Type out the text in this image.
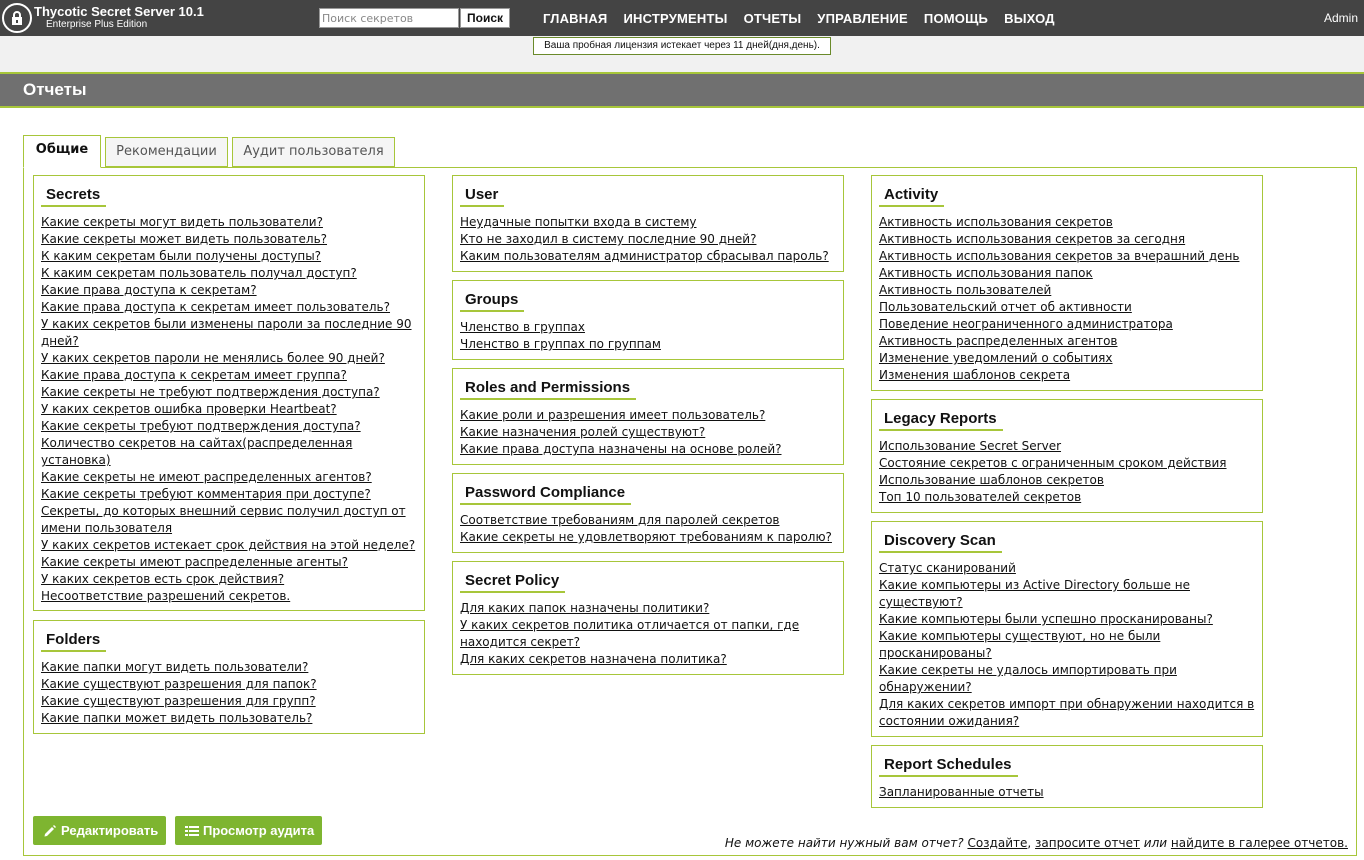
Thycotic Secret Server 10.1
Enterprise Plus Edition
Поиск секретов	Поиск	ГЛАВНАЯ ИНСТРУМЕНТЫ ОТЧЕТЫ УПРАВЛЕНИЕ ПОМОЩЬ ВЫХОД	Admin
Ваша пробная лицензия истекает через 11 дней(дня,день).
Отчеты
Общие	Рекомендации	Аудит пользователя
Secrets
Какие секреты могут видеть пользователи?
Какие секреты может видеть пользователь?
К каким секретам были получены доступы?
К каким секретам пользователь получал доступ?
Какие права доступа к секретам?
Какие права доступа к секретам имеет пользователь?
У каких секретов были изменены пароли за последние 90 дней?
У каких секретов пароли не менялись более 90 дней?
Какие права доступа к секретам имеет группа?
Какие секреты не требуют подтверждения доступа?
У каких секретов ошибка проверки Heartbeat?
Какие секреты требуют подтверждения доступа?
Количество секретов на сайтах(распределенная установка)
Какие секреты не имеют распределенных агентов?
Какие секреты требуют комментария при доступе?
Секреты, до которых внешний сервис получил доступ от имени пользователя
У каких секретов истекает срок действия на этой неделе?
Какие секреты имеют распределенные агенты?
У каких секретов есть срок действия?
Несоответствие разрешений секретов.
Folders
Какие папки могут видеть пользователи?
Какие существуют разрешения для папок?
Какие существуют разрешения для групп?
Какие папки может видеть пользователь?
User
Неудачные попытки входа в систему
Кто не заходил в систему последние 90 дней?
Каким пользователям администратор сбрасывал пароль?
Groups
Членство в группах
Членство в группах по группам
Roles and Permissions
Какие роли и разрешения имеет пользователь?
Какие назначения ролей существуют?
Какие права доступа назначены на основе ролей?
Password Compliance
Соответствие требованиям для паролей секретов
Какие секреты не удовлетворяют требованиям к паролю?
Secret Policy
Для каких папок назначены политики?
У каких секретов политика отличается от папки, где находится секрет?
Для каких секретов назначена политика?
Activity
Активность использования секретов
Активность использования секретов за сегодня
Активность использования секретов за вчерашний день
Активность использования папок
Активность пользователей
Пользовательский отчет об активности
Поведение неограниченного администратора
Активность распределенных агентов
Изменение уведомлений о событиях
Изменения шаблонов секрета
Legacy Reports
Использование Secret Server
Состояние секретов с ограниченным сроком действия
Использование шаблонов секретов
Топ 10 пользователей секретов
Discovery Scan
Статус сканирований
Какие компьютеры из Active Directory больше не существуют?
Какие компьютеры были успешно просканированы?
Какие компьютеры существуют, но не были просканированы?
Какие секреты не удалось импортировать при обнаружении?
Для каких секретов импорт при обнаружении находится в состоянии ожидания?
Report Schedules
Запланированные отчеты
Редактировать	Просмотр аудита
Не можете найти нужный вам отчет? Создайте, запросите отчет или найдите в галерее отчетов.
